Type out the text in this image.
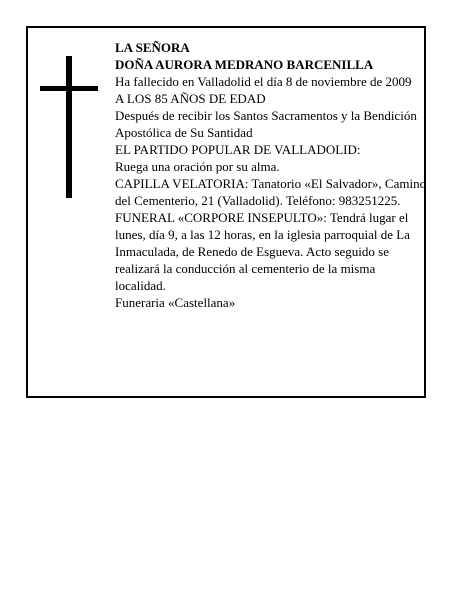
LA SEÑORA

DOÑA AURORA MEDRANO BARCENILLA

Ha fallecido en Valladolid el día 8 de noviembre de 2009

A LOS 85 AÑOS DE EDAD

Después de recibir los Santos Sacramentos y la Bendición Apostólica de Su Santidad

EL PARTIDO POPULAR DE VALLADOLID:

Ruega una oración por su alma.

CAPILLA VELATORIA: Tanatorio «El Salvador», Camino del Cementerio, 21 (Valladolid). Teléfono: 983251225.

FUNERAL «CORPORE INSEPULTO»: Tendrá lugar el lunes, día 9, a las 12 horas, en la iglesia parroquial de La Inmaculada, de Renedo de Esgueva. Acto seguido se realizará la conducción al cementerio de la misma localidad.

Funeraria «Castellana»
